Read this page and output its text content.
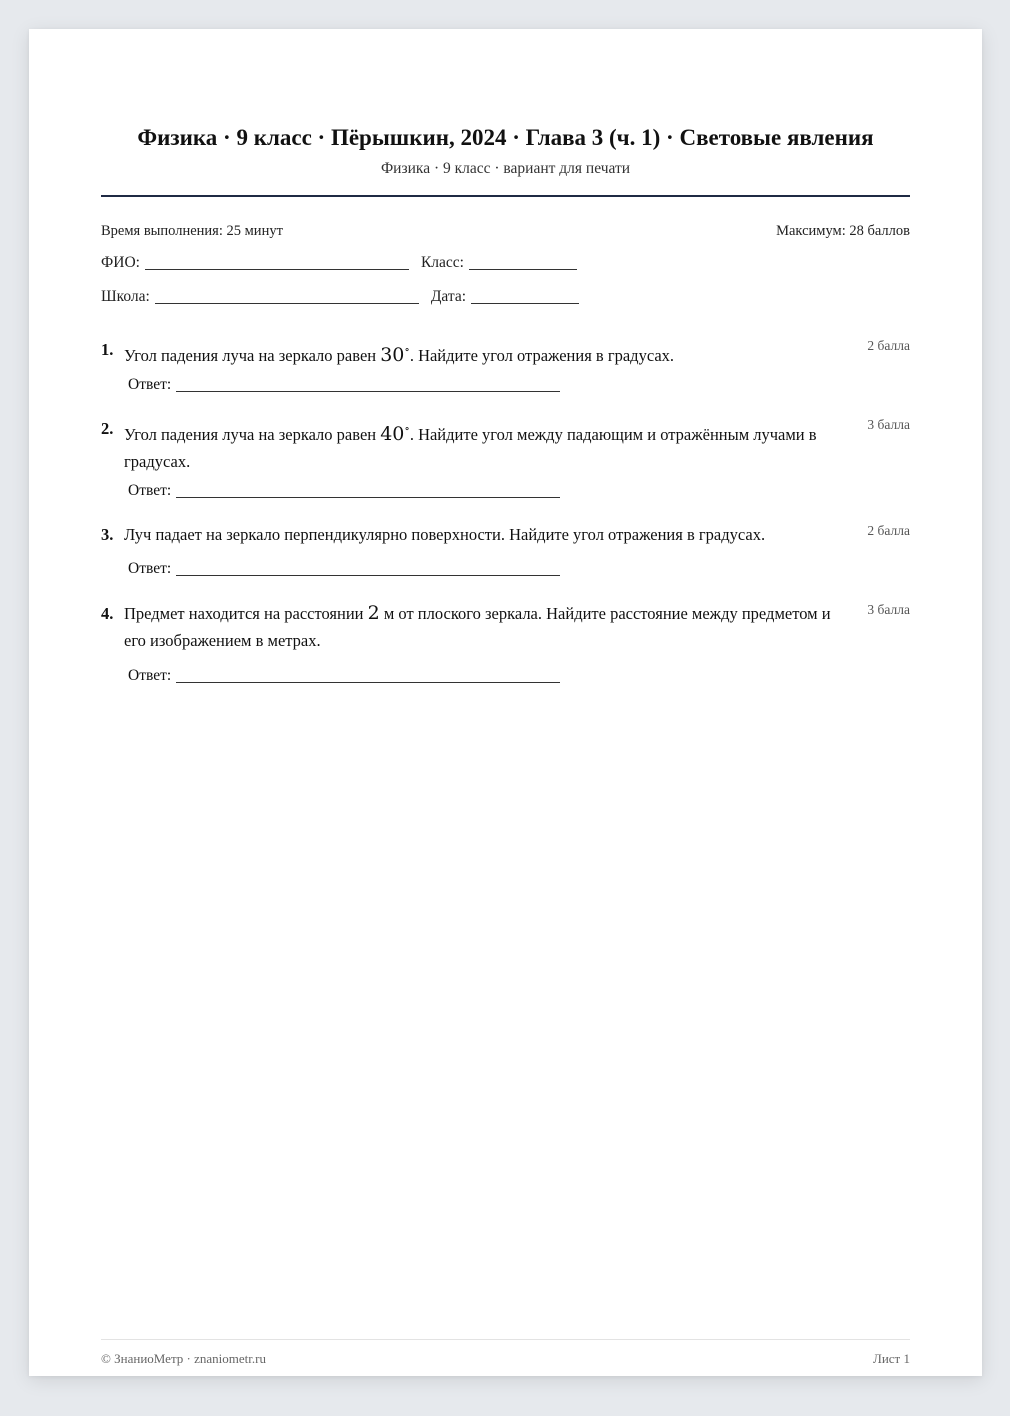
Физика · 9 класс · Пёрышкин, 2024 · Глава 3 (ч. 1) · Световые явления
Физика · 9 класс · вариант для печати
Время выполнения: 25 минут	Максимум: 28 баллов
ФИО:	Класс:
Школа:	Дата:
1. Угол падения луча на зеркало равен 30∘. Найдите угол отражения в градусах.
2 балла
Ответ:
2. Угол падения луча на зеркало равен 40∘. Найдите угол между падающим и отражённым лучами в градусах.
3 балла
Ответ:
3. Луч падает на зеркало перпендикулярно поверхности. Найдите угол отражения в градусах.	2 балла
Ответ:
4. Предмет находится на расстоянии 2 м от плоского зеркала. Найдите расстояние между предметом и его изображением в метрах.
3 балла
Ответ:
© ЗнаниоМетр · znaniometr.ru	Лист 1
